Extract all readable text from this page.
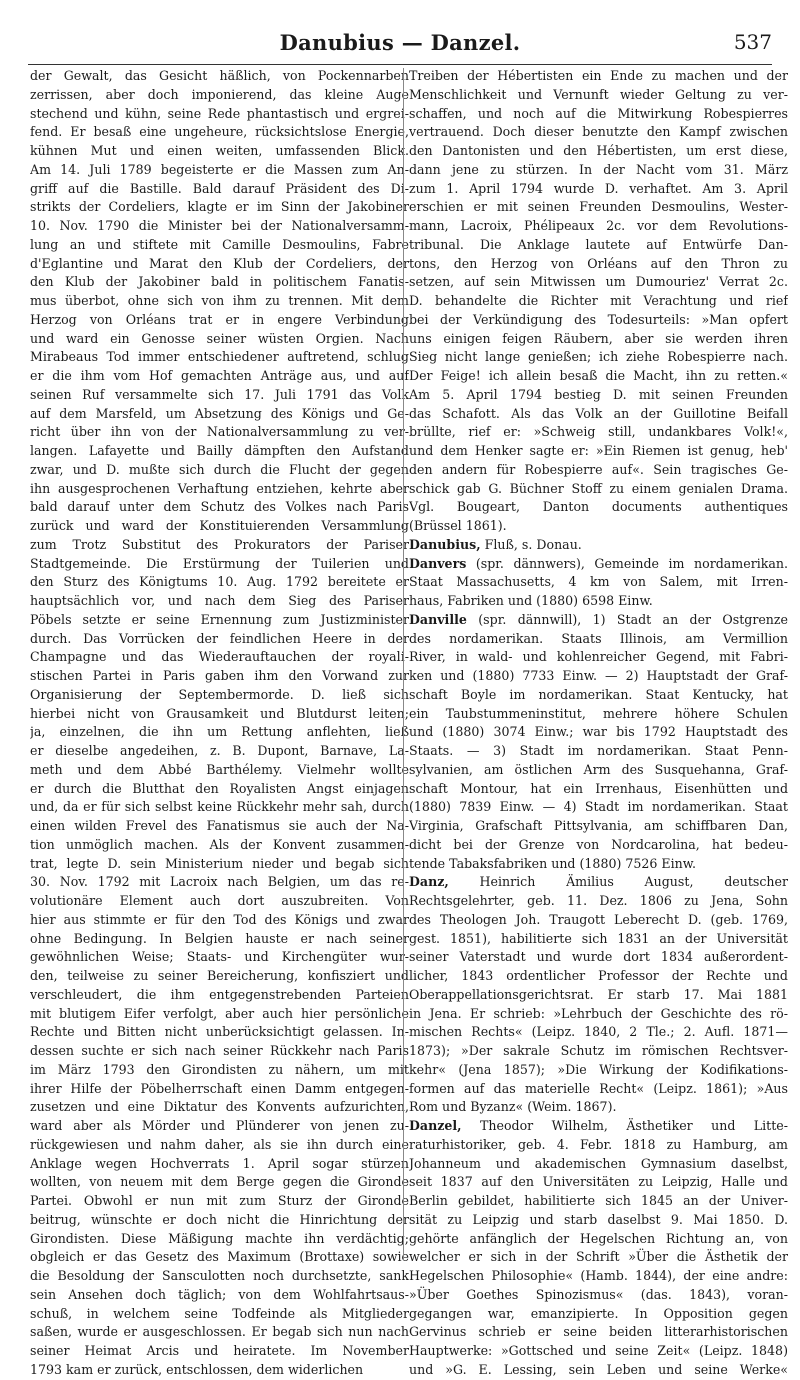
Danubius — Danzel.	537
der Gewalt, das Gesicht häßlich, von Pockennarben
zerrissen, aber doch imponierend, das kleine Auge
stechend und kühn, seine Rede phantastisch und ergrei-
fend. Er besaß eine ungeheure, rücksichtslose Energie,
kühnen Mut und einen weiten, umfassenden Blick.
Am 14. Juli 1789 begeisterte er die Massen zum An-
griff auf die Bastille. Bald darauf Präsident des Di-
strikts der Cordeliers, klagte er im Sinn der Jakobiner
10. Nov. 1790 die Minister bei der Nationalversamm-
lung an und stiftete mit Camille Desmoulins, Fabre
d'Eglantine und Marat den Klub der Cordeliers, der
den Klub der Jakobiner bald in politischem Fanatis-
mus überbot, ohne sich von ihm zu trennen. Mit dem
Herzog von Orléans trat er in engere Verbindung
und ward ein Genosse seiner wüsten Orgien. Nach
Mirabeaus Tod immer entschiedener auftretend, schlug
er die ihm vom Hof gemachten Anträge aus, und auf
seinen Ruf versammelte sich 17. Juli 1791 das Volk
auf dem Marsfeld, um Absetzung des Königs und Ge-
richt über ihn von der Nationalversammlung zu ver-
langen. Lafayette und Bailly dämpften den Aufstand
zwar, und D. mußte sich durch die Flucht der gegen
ihn ausgesprochenen Verhaftung entziehen, kehrte aber
bald darauf unter dem Schutz des Volkes nach Paris
zurück und ward der Konstituierenden Versammlung
zum Trotz Substitut des Prokurators der Pariser
Stadtgemeinde. Die Erstürmung der Tuilerien und
den Sturz des Königtums 10. Aug. 1792 bereitete er
hauptsächlich vor, und nach dem Sieg des Pariser
Pöbels setzte er seine Ernennung zum Justizminister
durch. Das Vorrücken der feindlichen Heere in der
Champagne und das Wiederauftauchen der royali-
stischen Partei in Paris gaben ihm den Vorwand zur
Organisierung der Septembermorde. D. ließ sich
hierbei nicht von Grausamkeit und Blutdurst leiten;
ja, einzelnen, die ihn um Rettung anflehten, ließ
er dieselbe angedeihen, z. B. Dupont, Barnave, La-
meth und dem Abbé Barthélemy. Vielmehr wollte
er durch die Blutthat den Royalisten Angst einjagen
und, da er für sich selbst keine Rückkehr mehr sah, durch
einen wilden Frevel des Fanatismus sie auch der Na-
tion unmöglich machen. Als der Konvent zusammen-
trat, legte D. sein Ministerium nieder und begab sich
30. Nov. 1792 mit Lacroix nach Belgien, um das re-
volutionäre Element auch dort auszubreiten. Von
hier aus stimmte er für den Tod des Königs und zwar
ohne Bedingung. In Belgien hauste er nach seiner
gewöhnlichen Weise; Staats- und Kirchengüter wur-
den, teilweise zu seiner Bereicherung, konfisziert und
verschleudert, die ihm entgegenstrebenden Parteien
mit blutigem Eifer verfolgt, aber auch hier persönliche
Rechte und Bitten nicht unberücksichtigt gelassen. In-
dessen suchte er sich nach seiner Rückkehr nach Paris
im März 1793 den Girondisten zu nähern, um mit
ihrer Hilfe der Pöbelherrschaft einen Damm entgegen-
zusetzen und eine Diktatur des Konvents aufzurichten,
ward aber als Mörder und Plünderer von jenen zu-
rückgewiesen und nahm daher, als sie ihn durch eine
Anklage wegen Hochverrats 1. April sogar stürzen
wollten, von neuem mit dem Berge gegen die Gironde
Partei. Obwohl er nun mit zum Sturz der Gironde
beitrug, wünschte er doch nicht die Hinrichtung der
Girondisten. Diese Mäßigung machte ihn verdächtig;
obgleich er das Gesetz des Maximum (Brottaxe) sowie
die Besoldung der Sansculotten noch durchsetzte, sank
sein Ansehen doch täglich; von dem Wohlfahrtsaus-
schuß, in welchem seine Todfeinde als Mitglieder
saßen, wurde er ausgeschlossen. Er begab sich nun nach
seiner Heimat Arcis und heiratete. Im November
1793 kam er zurück, entschlossen, dem widerlichen
Treiben der Hébertisten ein Ende zu machen und der
Menschlichkeit und Vernunft wieder Geltung zu ver-
schaffen, und noch auf die Mitwirkung Robespierres
vertrauend. Doch dieser benutzte den Kampf zwischen
den Dantonisten und den Hébertisten, um erst diese,
dann jene zu stürzen. In der Nacht vom 31. März
zum 1. April 1794 wurde D. verhaftet. Am 3. April
erschien er mit seinen Freunden Desmoulins, Wester-
mann, Lacroix, Phélipeaux 2c. vor dem Revolutions-
tribunal. Die Anklage lautete auf Entwürfe Dan-
tons, den Herzog von Orléans auf den Thron zu
setzen, auf sein Mitwissen um Dumouriez' Verrat 2c.
D. behandelte die Richter mit Verachtung und rief
bei der Verkündigung des Todesurteils: »Man opfert
uns einigen feigen Räubern, aber sie werden ihren
Sieg nicht lange genießen; ich ziehe Robespierre nach.
Der Feige! ich allein besaß die Macht, ihn zu retten.«
Am 5. April 1794 bestieg D. mit seinen Freunden
das Schafott. Als das Volk an der Guillotine Beifall
brüllte, rief er: »Schweig still, undankbares Volk!«,
und dem Henker sagte er: »Ein Riemen ist genug, heb'
den andern für Robespierre auf«. Sein tragisches Ge-
schick gab G. Büchner Stoff zu einem genialen Drama.
Vgl. Bougeart, Danton documents authentiques
(Brüssel 1861).
Danubius, Fluß, s. Donau.
Danvers (spr. dännwers), Gemeinde im nordamerikan.
Staat Massachusetts, 4 km von Salem, mit Irren-
haus, Fabriken und (1880) 6598 Einw.
Danville (spr. dännwill), 1) Stadt an der Ostgrenze
des nordamerikan. Staats Illinois, am Vermillion
River, in wald- und kohlenreicher Gegend, mit Fabri-
ken und (1880) 7733 Einw. — 2) Hauptstadt der Graf-
schaft Boyle im nordamerikan. Staat Kentucky, hat
ein Taubstummeninstitut, mehrere höhere Schulen
und (1880) 3074 Einw.; war bis 1792 Hauptstadt des
Staats. — 3) Stadt im nordamerikan. Staat Penn-
sylvanien, am östlichen Arm des Susquehanna, Graf-
schaft Montour, hat ein Irrenhaus, Eisenhütten und
(1880) 7839 Einw. — 4) Stadt im nordamerikan. Staat
Virginia, Grafschaft Pittsylvania, am schiffbaren Dan,
dicht bei der Grenze von Nordcarolina, hat bedeu-
tende Tabaksfabriken und (1880) 7526 Einw.
Danz, Heinrich Ämilius August, deutscher
Rechtsgelehrter, geb. 11. Dez. 1806 zu Jena, Sohn
des Theologen Joh. Traugott Leberecht D. (geb. 1769,
gest. 1851), habilitierte sich 1831 an der Universität
seiner Vaterstadt und wurde dort 1834 außerordent-
licher, 1843 ordentlicher Professor der Rechte und
Oberappellationsgerichtsrat. Er starb 17. Mai 1881
in Jena. Er schrieb: »Lehrbuch der Geschichte des rö-
mischen Rechts« (Leipz. 1840, 2 Tle.; 2. Aufl. 1871—
1873); »Der sakrale Schutz im römischen Rechtsver-
kehr« (Jena 1857); »Die Wirkung der Kodifikations-
formen auf das materielle Recht« (Leipz. 1861); »Aus
Rom und Byzanz« (Weim. 1867).
Danzel, Theodor Wilhelm, Ästhetiker und Litte-
raturhistoriker, geb. 4. Febr. 1818 zu Hamburg, am
Johanneum und akademischen Gymnasium daselbst,
seit 1837 auf den Universitäten zu Leipzig, Halle und
Berlin gebildet, habilitierte sich 1845 an der Univer-
sität zu Leipzig und starb daselbst 9. Mai 1850. D.
gehörte anfänglich der Hegelschen Richtung an, von
welcher er sich in der Schrift »Über die Ästhetik der
Hegelschen Philosophie« (Hamb. 1844), der eine andre:
»Über Goethes Spinozismus« (das. 1843), voran-
gegangen war, emanzipierte. In Opposition gegen
Gervinus schrieb er seine beiden litterarhistorischen
Hauptwerke: »Gottsched und seine Zeit« (Leipz. 1848)
und »G. E. Lessing, sein Leben und seine Werke«
